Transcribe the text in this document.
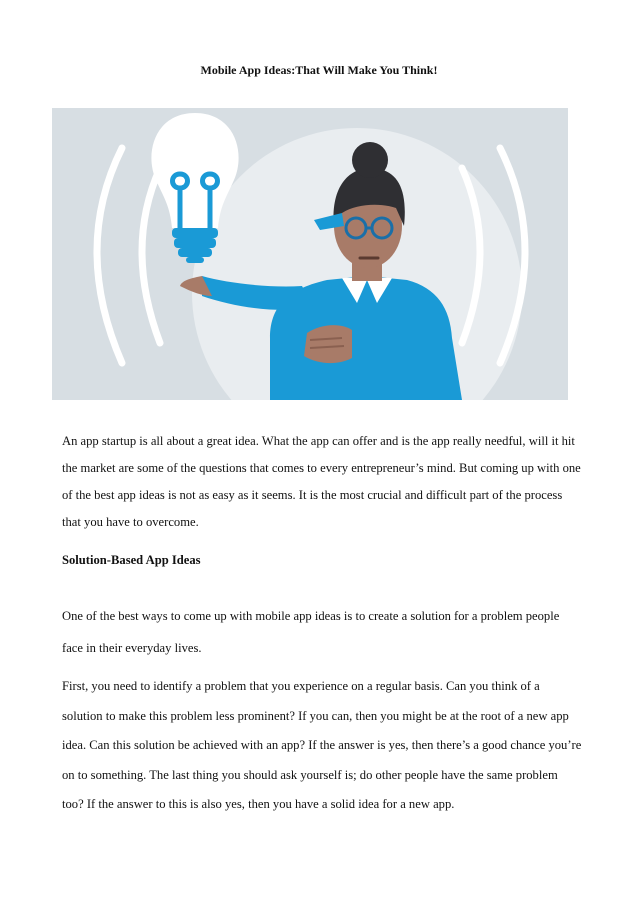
Mobile App Ideas:That Will Make You Think!

An app startup is all about a great idea. What the app can offer and is the app really needful, will it hit the market are some of the questions that comes to every entrepreneur’s mind. But coming up with one of the best app ideas is not as easy as it seems. It is the most crucial and difficult part of the process that you have to overcome.

Solution-Based App Ideas

One of the best ways to come up with mobile app ideas is to create a solution for a problem people face in their everyday lives.

First, you need to identify a problem that you experience on a regular basis. Can you think of a solution to make this problem less prominent? If you can, then you might be at the root of a new app idea. Can this solution be achieved with an app? If the answer is yes, then there’s a good chance you’re on to something. The last thing you should ask yourself is; do other people have the same problem too? If the answer to this is also yes, then you have a solid idea for a new app.
